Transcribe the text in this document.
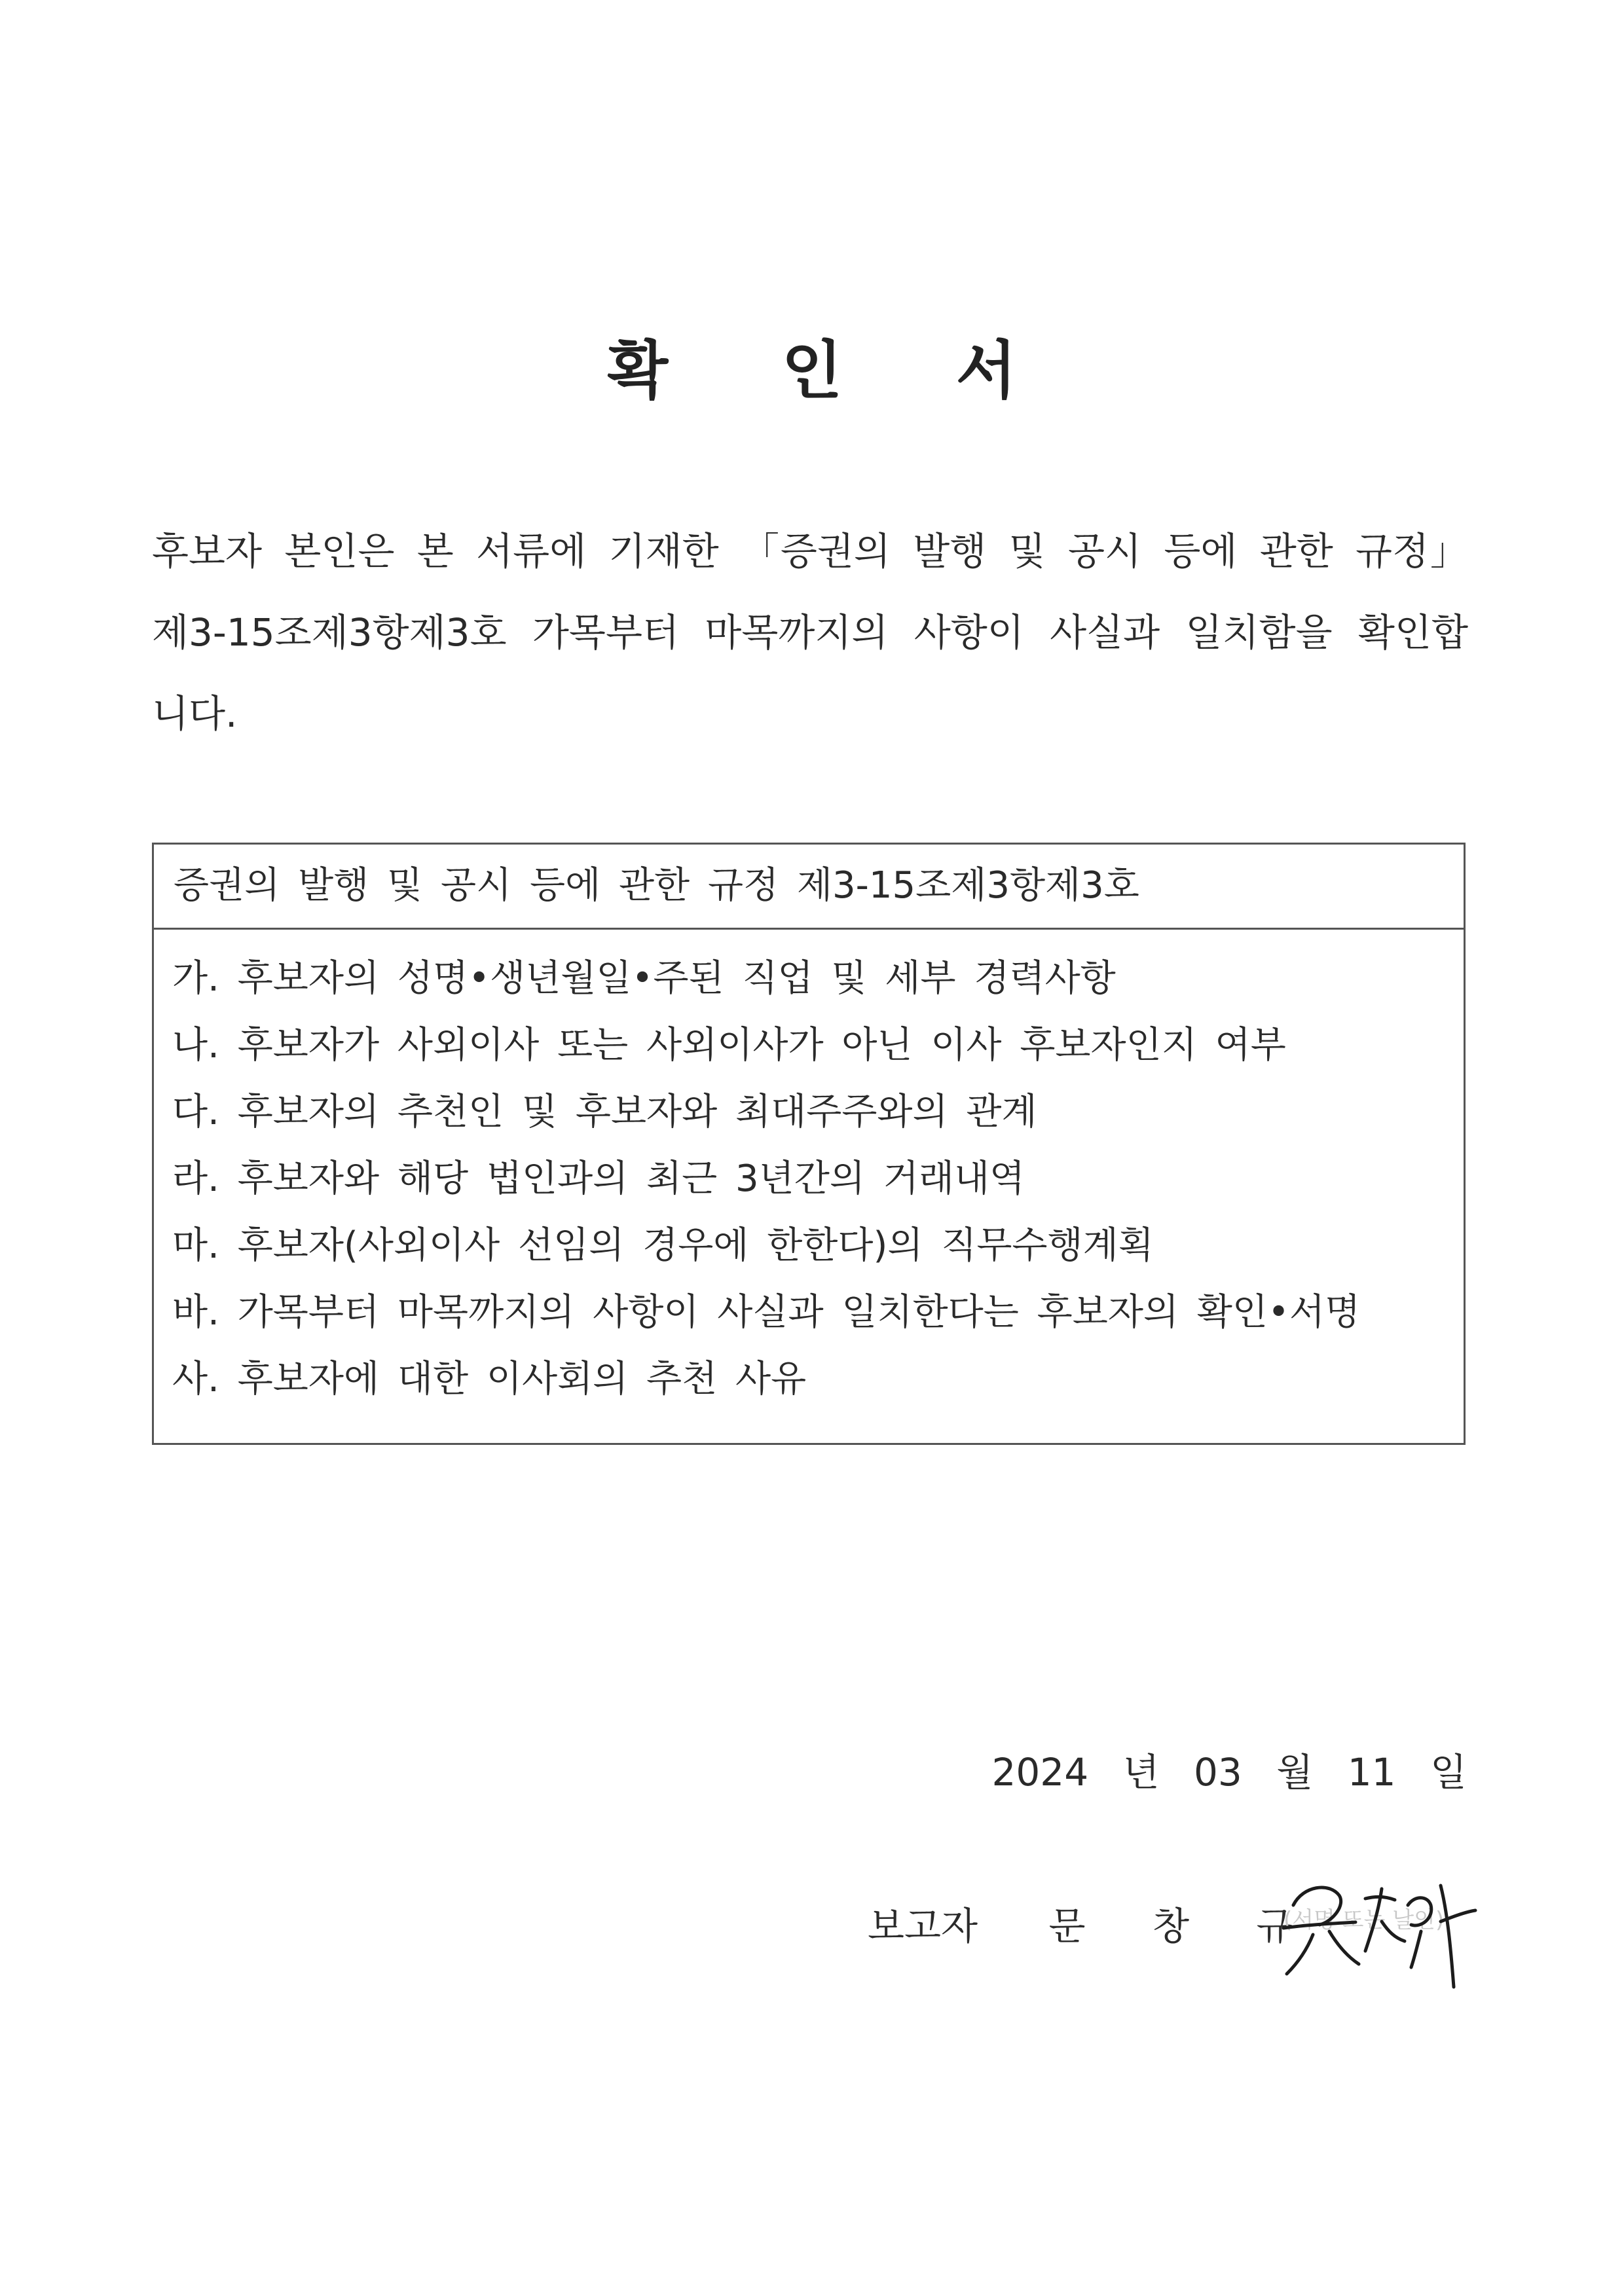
확 인 서
후보자 본인은 본 서류에 기재한 「증권의 발행 및 공시 등에 관한 규정」
제3-15조제3항제3호 가목부터 마목까지의 사항이 사실과 일치함을 확인합
니다.
증권의 발행 및 공시 등에 관한 규정 제3-15조제3항제3호
가. 후보자의 성명•생년월일•주된 직업 및 세부 경력사항
나. 후보자가 사외이사 또는 사외이사가 아닌 이사 후보자인지 여부
다. 후보자의 추천인 및 후보자와 최대주주와의 관계
라. 후보자와 해당 법인과의 최근 3년간의 거래내역
마. 후보자(사외이사 선임의 경우에 한한다)의 직무수행계획
바. 가목부터 마목까지의 사항이 사실과 일치한다는 후보자의 확인•서명
사. 후보자에 대한 이사회의 추천 사유
2024 년 03 월 11 일
보고자 문 창 규
(서명 또는 날인)
